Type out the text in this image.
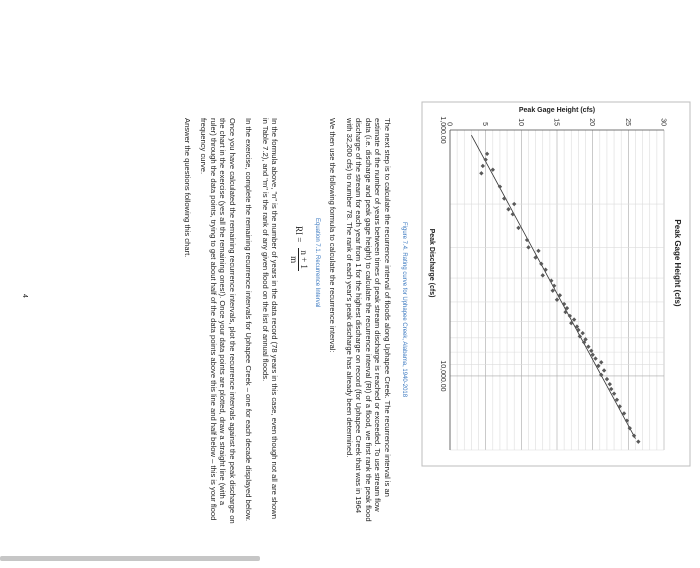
Peak Gage Height (cfs)
0	5	10	15	20	25	30
1,000.00
10,000.00
Peak Gage Height (cfs)
Peak Discharge (cfs)
Figure 7.4. Rating curve for Uphapee Creek, Alabama, 1940-2018

The next step is to calculate the recurrence interval of floods along Uphapee Creek. The recurrence interval is an estimate of the number of years between times of peak stream discharge is reached or exceeded. To use stream flow data (i.e. discharge and peak gage height) to calculate the recurrence interval (RI) of a flood, we first rank the peak flood discharge of the stream for each year from 1 for the highest discharge on record (for Uphapee Creek that was in 1964 with 32,200 cfs) to number 78. The rank of each year's peak discharge has already been determined.

We then use the following formula to calculate the recurrence interval:

Equation 7.1. Recurrence Interval
RI =
n + 1
m

In the formula above, "n" is the number of years in the data record (78 years in this case, even though not all are shown in Table 7.2), and "m" is the rank of any given flood on the list of annual floods.

In the exercise, complete the remaining recurrence intervals for Uphapee Creek – one for each decade displayed below.

Once you have calculated the remaining recurrence intervals, plot the recurrence intervals against the peak discharge on the chart in the exercise (yes all the remaining ones!). Once your data points are plotted, draw a straight line (with a ruler) through the data points, trying to get about half of the data points above this line and half below – this is your flood frequency curve.

Answer the questions following this chart.

4
